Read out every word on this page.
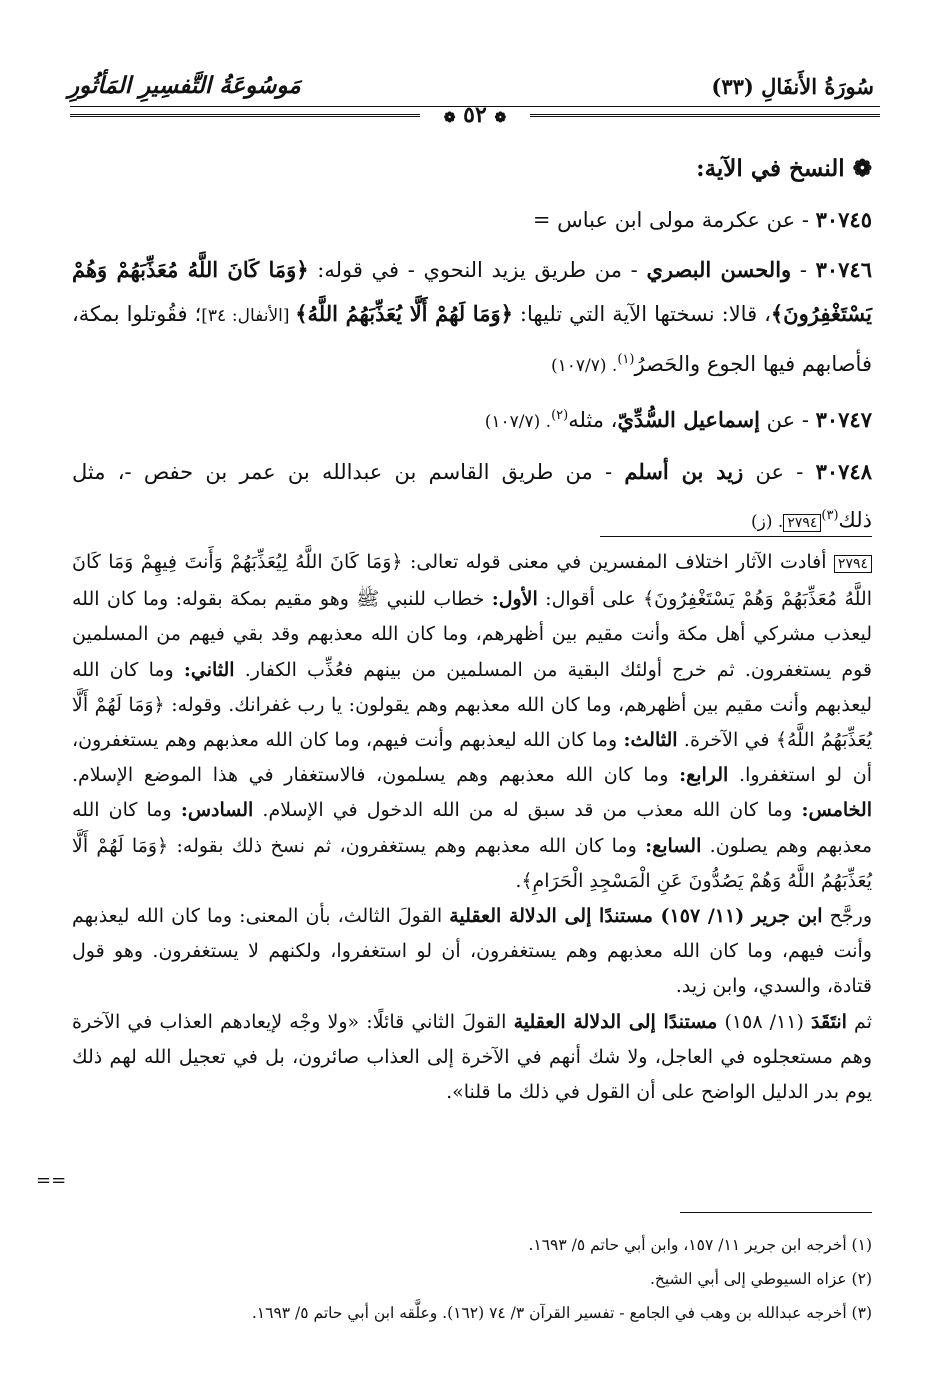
سُورَةُ الأَنفَالِ (٣٣)
مَوسُوعَةُ التَّفسِيرِ المَأثُورِ
❁ ٥٢ ❁

❁ النسخ في الآية:

٣٠٧٤٥ - عن عكرمة مولى ابن عباس =

٣٠٧٤٦ - والحسن البصري - من طريق يزيد النحوي - في قوله: ﴿وَمَا كَانَ اللَّهُ مُعَذِّبَهُمْ وَهُمْ يَسْتَغْفِرُونَ﴾، قالا: نسختها الآية التي تليها: ﴿وَمَا لَهُمْ أَلَّا يُعَذِّبَهُمُ اللَّهُ﴾ [الأنفال: ٣٤]؛ فقُوتلوا بمكة، فأصابهم فيها الجوع والحَصرُ$^{(١)}$. (١٠٧/٧)

٣٠٧٤٧ - عن إسماعيل السُّدِّيّ، مثله$^{(٢)}$. (١٠٧/٧)

٣٠٧٤٨ - عن زيد بن أسلم - من طريق القاسم بن عبدالله بن عمر بن حفص -، مثل ذلك$^{(٣)}$٢٧٩٤. (ز)

٢٧٩٤ أفادت الآثار اختلاف المفسرين في معنى قوله تعالى: ﴿وَمَا كَانَ اللَّهُ لِيُعَذِّبَهُمْ وَأَنتَ فِيهِمْ وَمَا كَانَ اللَّهُ مُعَذِّبَهُمْ وَهُمْ يَسْتَغْفِرُونَ﴾ على أقوال: الأول: خطاب للنبي ﷺ وهو مقيم بمكة بقوله: وما كان الله ليعذب مشركي أهل مكة وأنت مقيم بين أظهرهم، وما كان الله معذبهم وقد بقي فيهم من المسلمين قوم يستغفرون. ثم خرج أولئك البقية من المسلمين من بينهم فعُذِّب الكفار. الثاني: وما كان الله ليعذبهم وأنت مقيم بين أظهرهم، وما كان الله معذبهم وهم يقولون: يا رب غفرانك. وقوله: ﴿وَمَا لَهُمْ أَلَّا يُعَذِّبَهُمُ اللَّهُ﴾ في الآخرة. الثالث: وما كان الله ليعذبهم وأنت فيهم، وما كان الله معذبهم وهم يستغفرون، أن لو استغفروا. الرابع: وما كان الله معذبهم وهم يسلمون، فالاستغفار في هذا الموضع الإسلام. الخامس: وما كان الله معذب من قد سبق له من الله الدخول في الإسلام. السادس: وما كان الله معذبهم وهم يصلون. السابع: وما كان الله معذبهم وهم يستغفرون، ثم نسخ ذلك بقوله: ﴿وَمَا لَهُمْ أَلَّا يُعَذِّبَهُمُ اللَّهُ وَهُمْ يَصُدُّونَ عَنِ الْمَسْجِدِ الْحَرَامِ﴾.

ورجَّح ابن جرير (١١/ ١٥٧) مستندًا إلى الدلالة العقلية القولَ الثالث، بأن المعنى: وما كان الله ليعذبهم وأنت فيهم، وما كان الله معذبهم وهم يستغفرون، أن لو استغفروا، ولكنهم لا يستغفرون. وهو قول قتادة، والسدي، وابن زيد.

ثم انتَقَدَ (١١/ ١٥٨) مستندًا إلى الدلالة العقلية القولَ الثاني قائلًا: «ولا وجْه لإيعادهم العذاب في الآخرة وهم مستعجلوه في العاجل، ولا شك أنهم في الآخرة إلى العذاب صائرون، بل في تعجيل الله لهم ذلك يوم بدر الدليل الواضح على أن القول في ذلك ما قلنا».

==

(١) أخرجه ابن جرير ١١/ ١٥٧، وابن أبي حاتم ٥/ ١٦٩٣.

(٢) عزاه السيوطي إلى أبي الشيخ.

(٣) أخرجه عبدالله بن وهب في الجامع - تفسير القرآن ٣/ ٧٤ (١٦٢). وعلَّقه ابن أبي حاتم ٥/ ١٦٩٣.
